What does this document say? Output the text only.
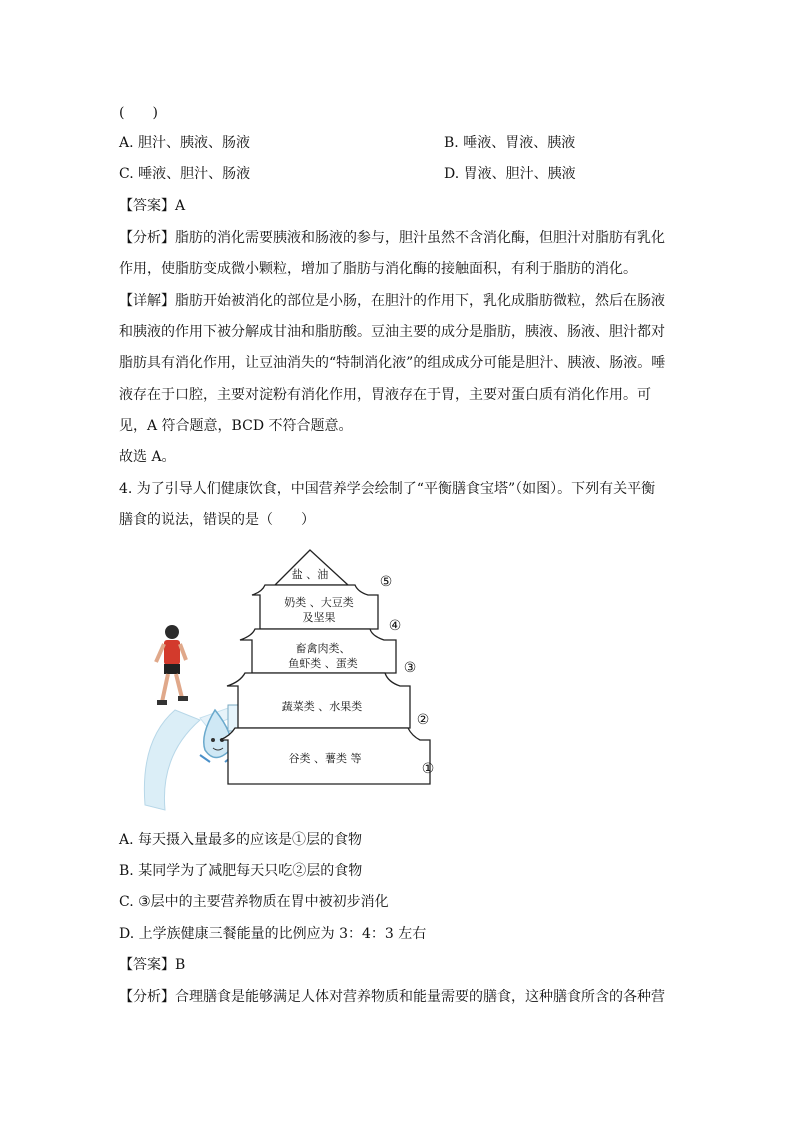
(　　)
A. 胆汁、胰液、肠液	B. 唾液、胃液、胰液
C. 唾液、胆汁、肠液	D. 胃液、胆汁、胰液
【答案】A
【分析】脂肪的消化需要胰液和肠液的参与，胆汁虽然不含消化酶，但胆汁对脂肪有乳化
作用，使脂肪变成微小颗粒，增加了脂肪与消化酶的接触面积，有利于脂肪的消化。
【详解】脂肪开始被消化的部位是小肠，在胆汁的作用下，乳化成脂肪微粒，然后在肠液
和胰液的作用下被分解成甘油和脂肪酸。豆油主要的成分是脂肪，胰液、肠液、胆汁都对
脂肪具有消化作用，让豆油消失的“特制消化液”的组成成分可能是胆汁、胰液、肠液。唾
液存在于口腔，主要对淀粉有消化作用，胃液存在于胃，主要对蛋白质有消化作用。可
见，A 符合题意，BCD 不符合题意。
故选 A。
4. 为了引导人们健康饮食，中国营养学会绘制了“平衡膳食宝塔”（如图）。下列有关平衡
膳食的说法，错误的是（　　）
盐 、油
奶类 、大豆类
及坚果
畜禽肉类、
鱼虾类 、蛋类
蔬菜类 、水果类
谷类 、薯类 等
⑤
④
③
②
①
A. 每天摄入量最多的应该是①层的食物
B. 某同学为了减肥每天只吃②层的食物
C. ③层中的主要营养物质在胃中被初步消化
D. 上学族健康三餐能量的比例应为 3：4：3 左右
【答案】B
【分析】合理膳食是能够满足人体对营养物质和能量需要的膳食，这种膳食所含的各种营
